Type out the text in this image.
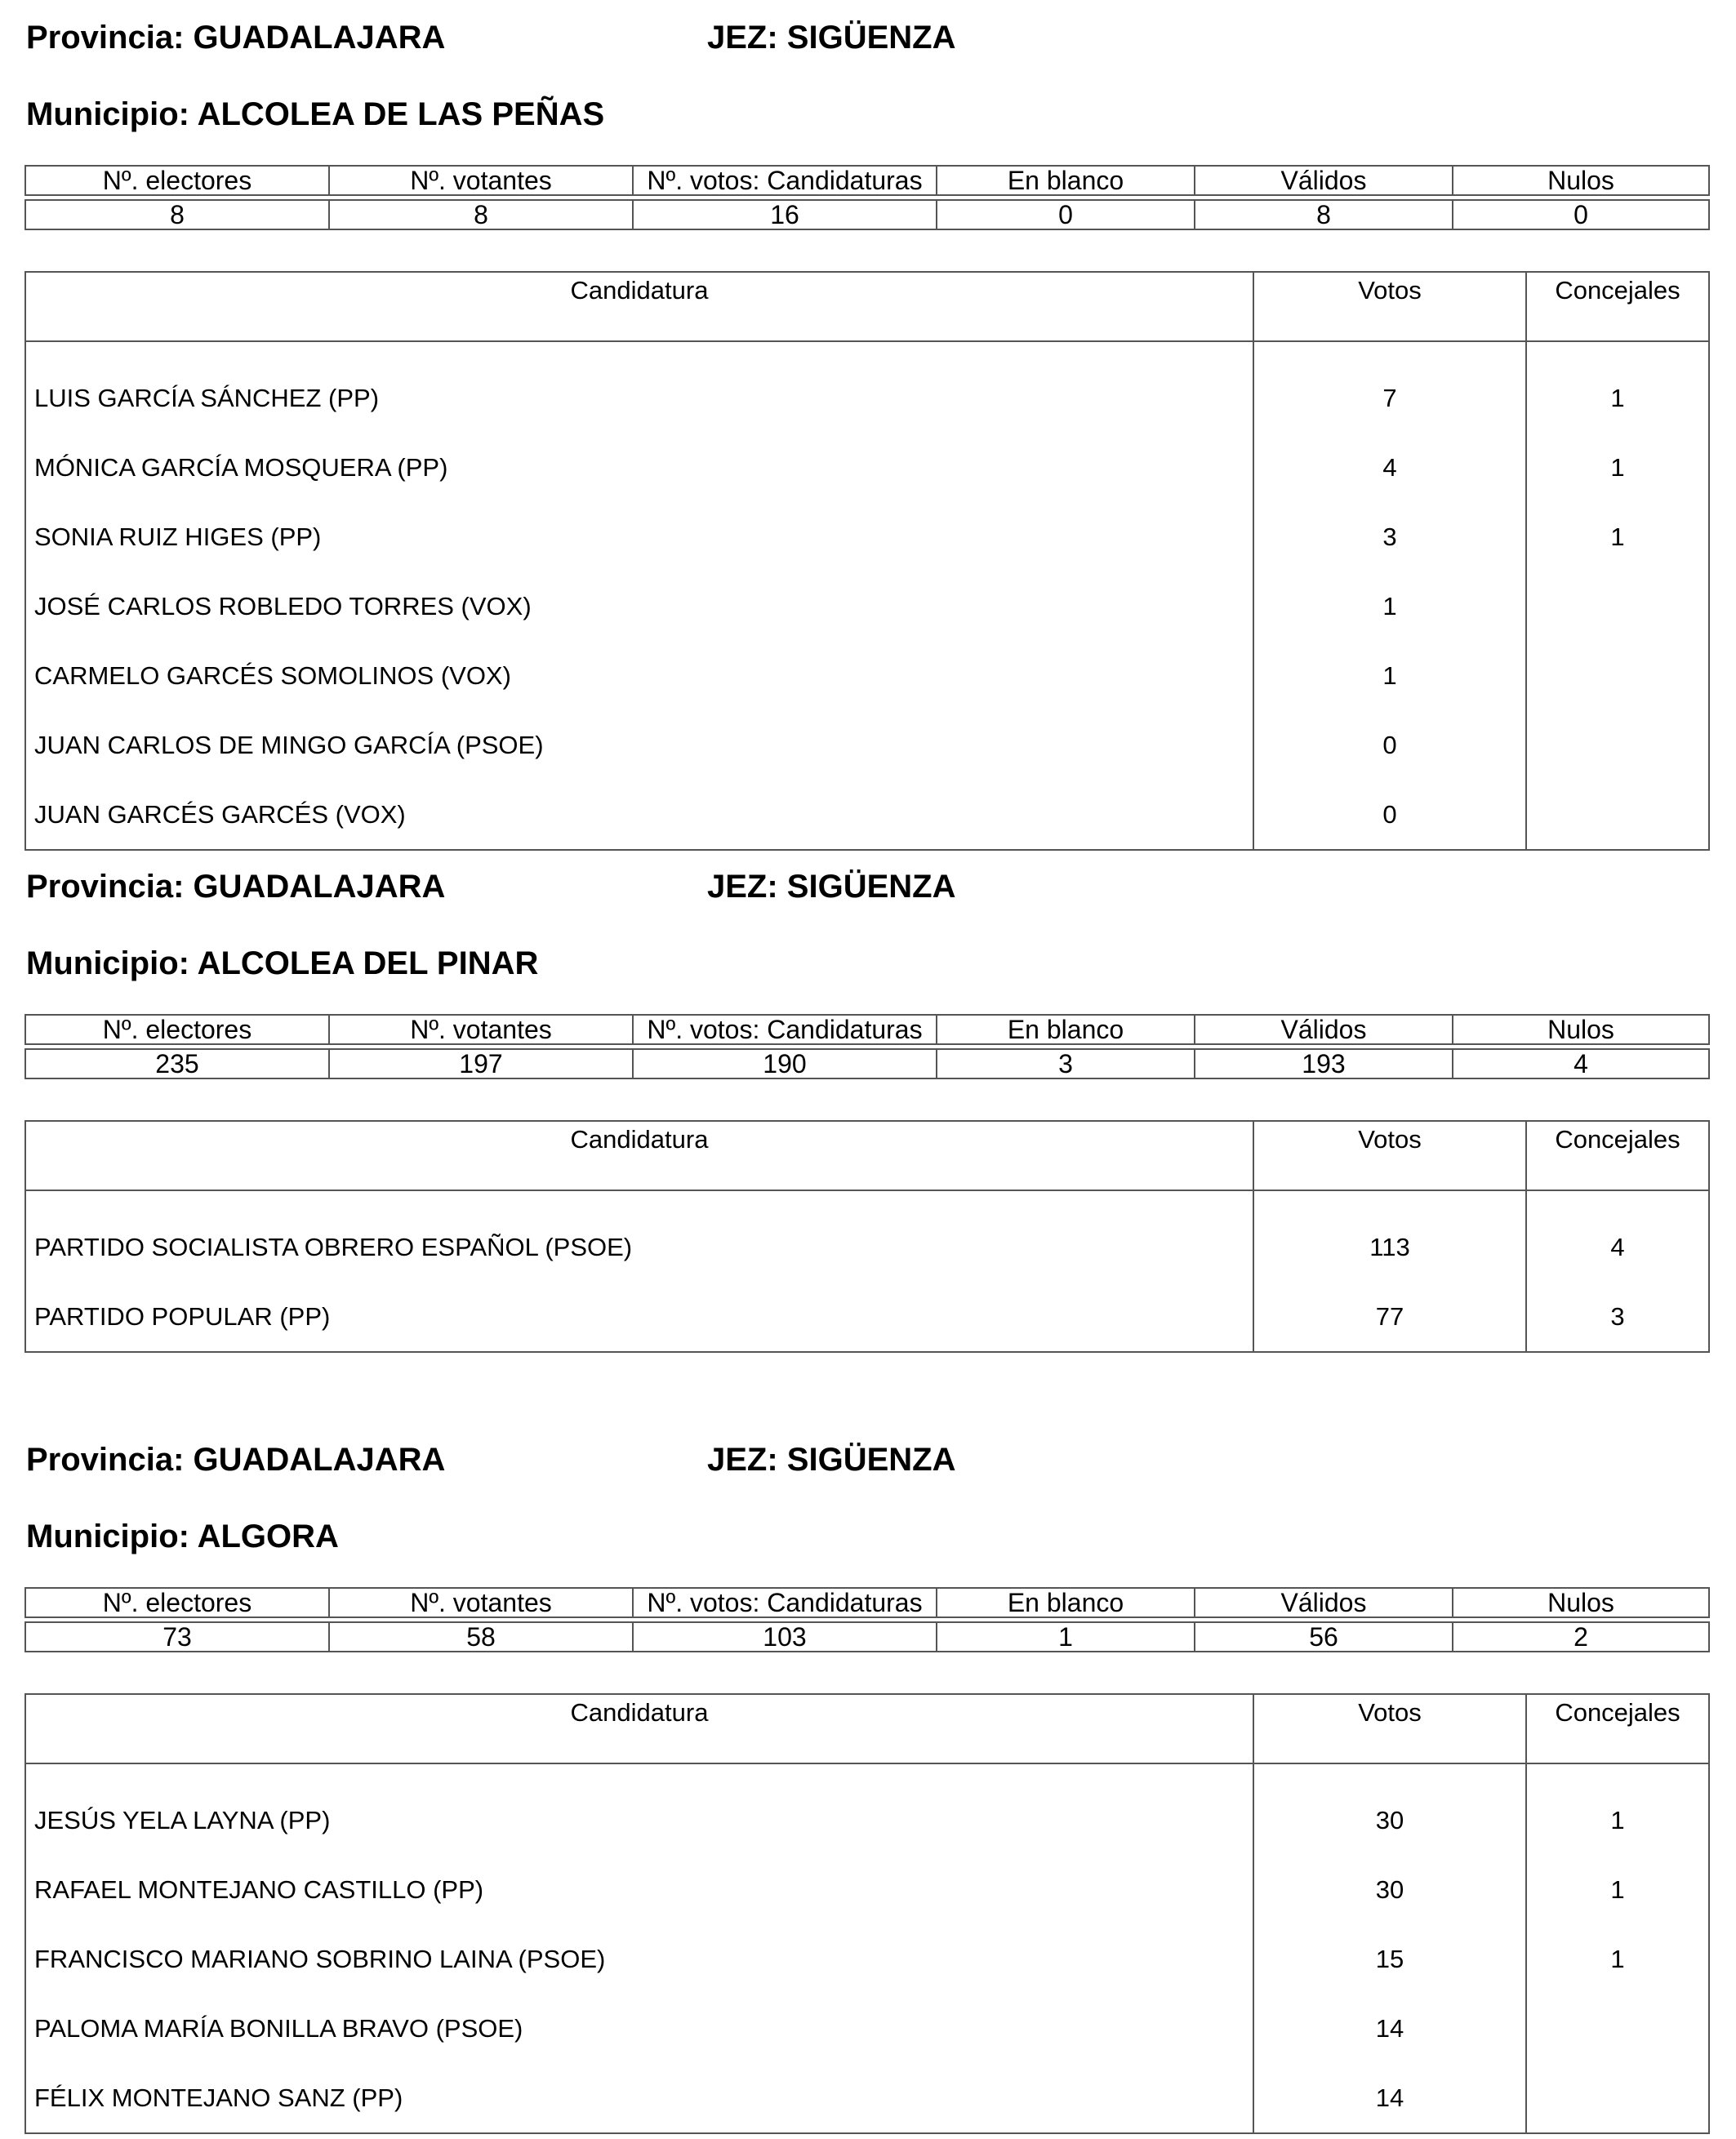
Provincia: GUADALAJARA	JEZ: SIGÜENZA
Municipio: ALCOLEA DE LAS PEÑAS
Nº. electores	Nº. votantes	Nº. votos: Candidaturas	En blanco	Válidos	Nulos

8	8	16	0	8	0
Candidatura	Votos	Concejales
LUIS GARCÍA SÁNCHEZ (PP)	7	1
MÓNICA GARCÍA MOSQUERA (PP)	4	1
SONIA RUIZ HIGES (PP)	3	1
JOSÉ CARLOS ROBLEDO TORRES (VOX)	1	
CARMELO GARCÉS SOMOLINOS (VOX)	1	
JUAN CARLOS DE MINGO GARCÍA (PSOE)	0	
JUAN GARCÉS GARCÉS (VOX)	0	
Provincia: GUADALAJARA	JEZ: SIGÜENZA
Municipio: ALCOLEA DEL PINAR
Nº. electores	Nº. votantes	Nº. votos: Candidaturas	En blanco	Válidos	Nulos

235	197	190	3	193	4
Candidatura	Votos	Concejales
PARTIDO SOCIALISTA OBRERO ESPAÑOL (PSOE)	113	4
PARTIDO POPULAR (PP)	77	3
Provincia: GUADALAJARA	JEZ: SIGÜENZA
Municipio: ALGORA
Nº. electores	Nº. votantes	Nº. votos: Candidaturas	En blanco	Válidos	Nulos

73	58	103	1	56	2
Candidatura	Votos	Concejales
JESÚS YELA LAYNA (PP)	30	1
RAFAEL MONTEJANO CASTILLO (PP)	30	1
FRANCISCO MARIANO SOBRINO LAINA (PSOE)	15	1
PALOMA MARÍA BONILLA BRAVO (PSOE)	14	
FÉLIX MONTEJANO SANZ (PP)	14	
